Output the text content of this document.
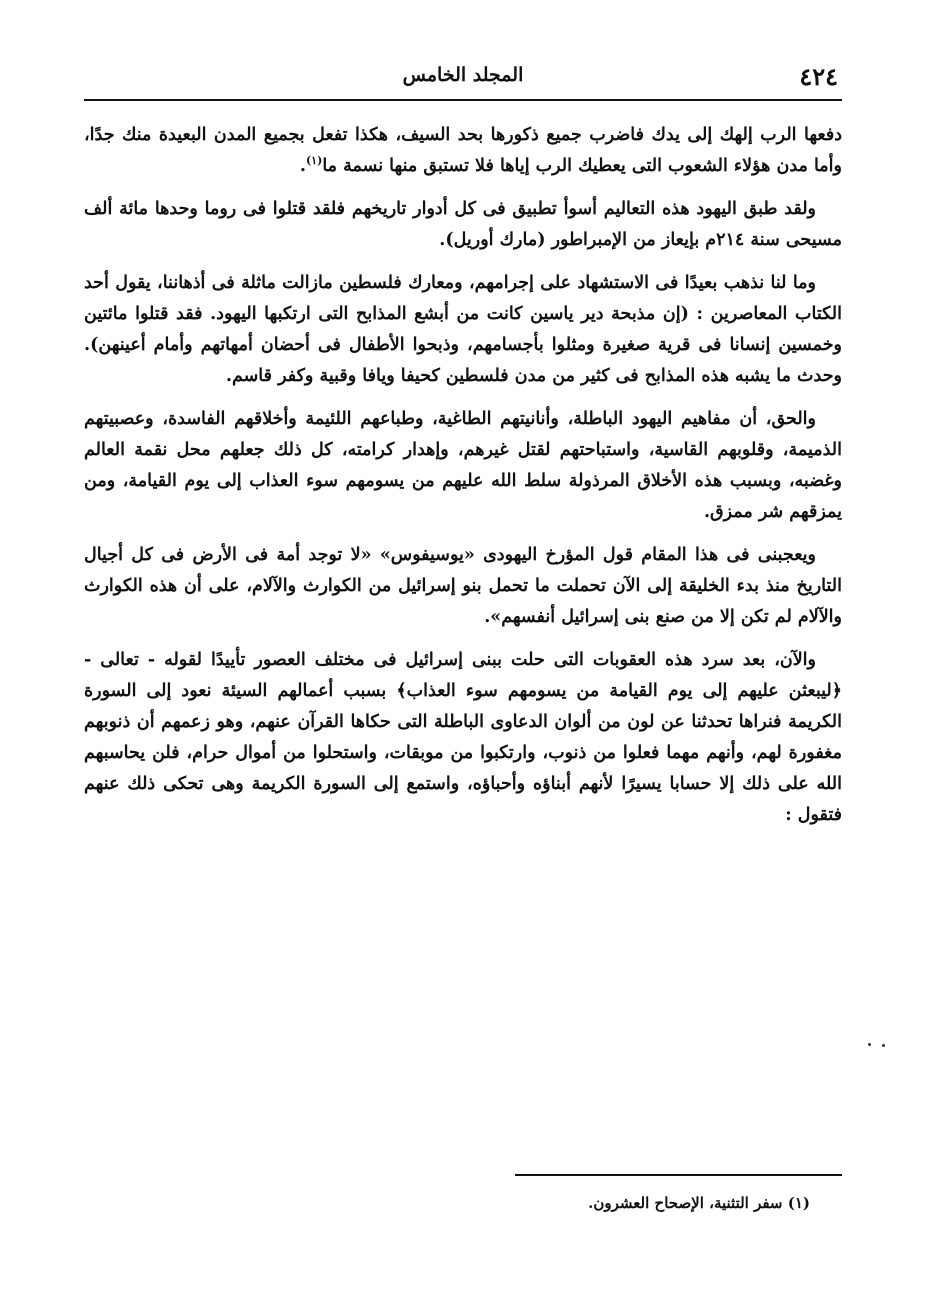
٤٢٤
المجلد الخامس

دفعها الرب إلهك إلى يدك فاضرب جميع ذكورها بحد السيف، هكذا تفعل بجميع المدن البعيدة منك جدًا، وأما مدن هؤلاء الشعوب التى يعطيك الرب إياها فلا تستبق منها نسمة ما$^{(١)}$.

ولقد طبق اليهود هذه التعاليم أسوأ تطبيق فى كل أدوار تاريخهم فلقد قتلوا فى روما وحدها مائة ألف مسيحى سنة ٢١٤م بإيعاز من الإمبراطور (مارك أوريل).

وما لنا نذهب بعيدًا فى الاستشهاد على إجرامهم، ومعارك فلسطين مازالت ماثلة فى أذهاننا، يقول أحد الكتاب المعاصرين : (إن مذبحة دير ياسين كانت من أبشع المذابح التى ارتكبها اليهود. فقد قتلوا مائتين وخمسين إنسانا فى قرية صغيرة ومثلوا بأجسامهم، وذبحوا الأطفال فى أحضان أمهاتهم وأمام أعينهن). وحدث ما يشبه هذه المذابح فى كثير من مدن فلسطين كحيفا ويافا وقبية وكفر قاسم.

والحق، أن مفاهيم اليهود الباطلة، وأنانيتهم الطاغية، وطباعهم اللئيمة وأخلاقهم الفاسدة، وعصبيتهم الذميمة، وقلوبهم القاسية، واستباحتهم لقتل غيرهم، وإهدار كرامته، كل ذلك جعلهم محل نقمة العالم وغضبه، وبسبب هذه الأخلاق المرذولة سلط الله عليهم من يسومهم سوء العذاب إلى يوم القيامة، ومن يمزقهم شر ممزق.

ويعجبنى فى هذا المقام قول المؤرخ اليهودى «يوسيفوس» «لا توجد أمة فى الأرض فى كل أجيال التاريخ منذ بدء الخليقة إلى الآن تحملت ما تحمل بنو إسرائيل من الكوارث والآلام، على أن هذه الكوارث والآلام لم تكن إلا من صنع بنى إسرائيل أنفسهم».

والآن، بعد سرد هذه العقوبات التى حلت ببنى إسرائيل فى مختلف العصور تأييدًا لقوله - تعالى - ﴿ليبعثن عليهم إلى يوم القيامة من يسومهم سوء العذاب﴾ بسبب أعمالهم السيئة نعود إلى السورة الكريمة فنراها تحدثنا عن لون من ألوان الدعاوى الباطلة التى حكاها القرآن عنهم، وهو زعمهم أن ذنوبهم مغفورة لهم، وأنهم مهما فعلوا من ذنوب، وارتكبوا من موبقات، واستحلوا من أموال حرام، فلن يحاسبهم الله على ذلك إلا حسابا يسيرًا لأنهم أبناؤه وأحباؤه، واستمع إلى السورة الكريمة وهى تحكى ذلك عنهم فتقول :

(١) سفر التثنية، الإصحاح العشرون.
